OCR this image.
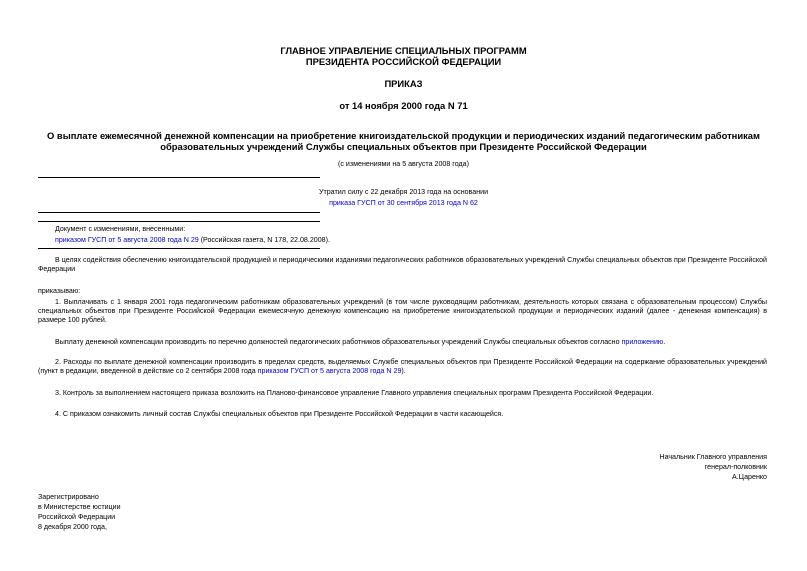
ГЛАВНОЕ УПРАВЛЕНИЕ СПЕЦИАЛЬНЫХ ПРОГРАММ
ПРЕЗИДЕНТА РОССИЙСКОЙ ФЕДЕРАЦИИ
ПРИКАЗ
от 14 ноября 2000 года N 71
О выплате ежемесячной денежной компенсации на приобретение книгоиздательской продукции и периодических изданий педагогическим работникам
образовательных учреждений Службы специальных объектов при Президенте Российской Федерации
(с изменениями на 5 августа 2008 года)
Утратил силу с 22 декабря 2013 года на основании
приказа ГУСП от 30 сентября 2013 года N 62
Документ с изменениями, внесенными:
приказом ГУСП от 5 августа 2008 года N 29 (Российская газета, N 178, 22.08.2008).
В целях содействия обеспечению книгоиздательской продукцией и периодическими изданиями педагогических работников образовательных учреждений Службы специальных объектов при Президенте Российской Федерации
приказываю:
1. Выплачивать с 1 января 2001 года педагогическим работникам образовательных учреждений (в том числе руководящим работникам, деятельность которых связана с образовательным процессом) Службы специальных объектов при Президенте Российской Федерации ежемесячную денежную компенсацию на приобретение книгоиздательской продукции и периодических изданий (далее - денежная компенсация) в размере 100 рублей.
Выплату денежной компенсации производить по перечню должностей педагогических работников образовательных учреждений Службы специальных объектов согласно приложению.
2. Расходы по выплате денежной компенсации производить в пределах средств, выделяемых Службе специальных объектов при Президенте Российской Федерации на содержание образовательных учреждений (пункт в редакции, введенной в действие со 2 сентября 2008 года приказом ГУСП от 5 августа 2008 года N 29).
3. Контроль за выполнением настоящего приказа возложить на Планово-финансовое управление Главного управления специальных программ Президента Российской Федерации.
4. С приказом ознакомить личный состав Службы специальных объектов при Президенте Российской Федерации в части касающейся.
Начальник Главного управления
генерал-полковник
А.Царенко
Зарегистрировано
в Министерстве юстиции
Российской Федерации
8 декабря 2000 года,
